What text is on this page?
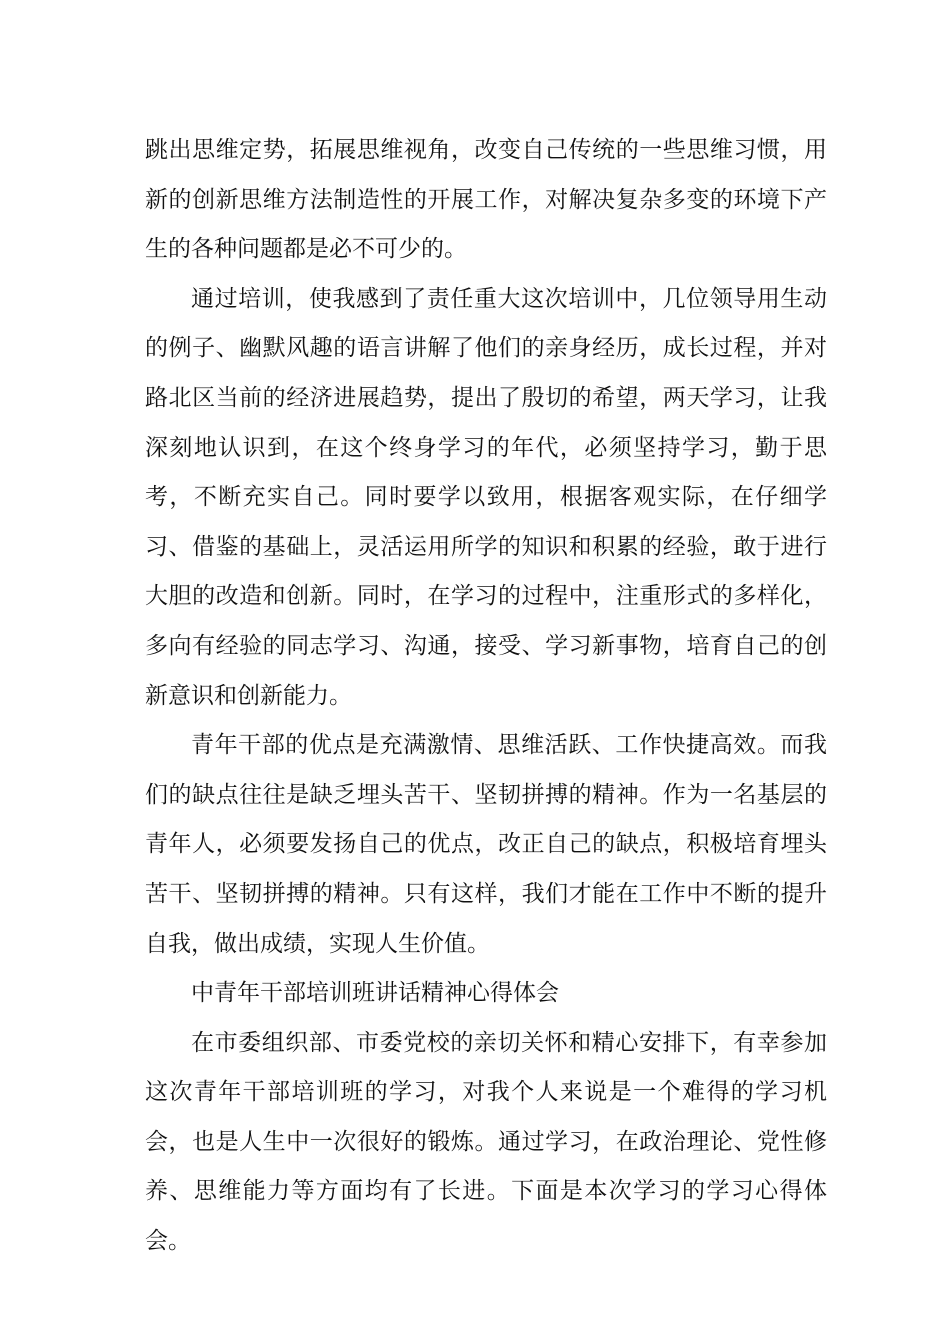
跳出思维定势，拓展思维视角，改变自己传统的一些思维习惯，用新的创新思维方法制造性的开展工作，对解决复杂多变的环境下产生的各种问题都是必不可少的。

通过培训，使我感到了责任重大这次培训中，几位领导用生动的例子、幽默风趣的语言讲解了他们的亲身经历，成长过程，并对路北区当前的经济进展趋势，提出了殷切的希望，两天学习，让我深刻地认识到，在这个终身学习的年代，必须坚持学习，勤于思考，不断充实自己。同时要学以致用，根据客观实际，在仔细学习、借鉴的基础上，灵活运用所学的知识和积累的经验，敢于进行大胆的改造和创新。同时，在学习的过程中，注重形式的多样化，多向有经验的同志学习、沟通，接受、学习新事物，培育自己的创新意识和创新能力。

青年干部的优点是充满激情、思维活跃、工作快捷高效。而我们的缺点往往是缺乏埋头苦干、坚韧拼搏的精神。作为一名基层的青年人，必须要发扬自己的优点，改正自己的缺点，积极培育埋头苦干、坚韧拼搏的精神。只有这样，我们才能在工作中不断的提升自我，做出成绩，实现人生价值。

中青年干部培训班讲话精神心得体会

在市委组织部、市委党校的亲切关怀和精心安排下，有幸参加这次青年干部培训班的学习，对我个人来说是一个难得的学习机会，也是人生中一次很好的锻炼。通过学习，在政治理论、党性修养、思维能力等方面均有了长进。下面是本次学习的学习心得体会。
